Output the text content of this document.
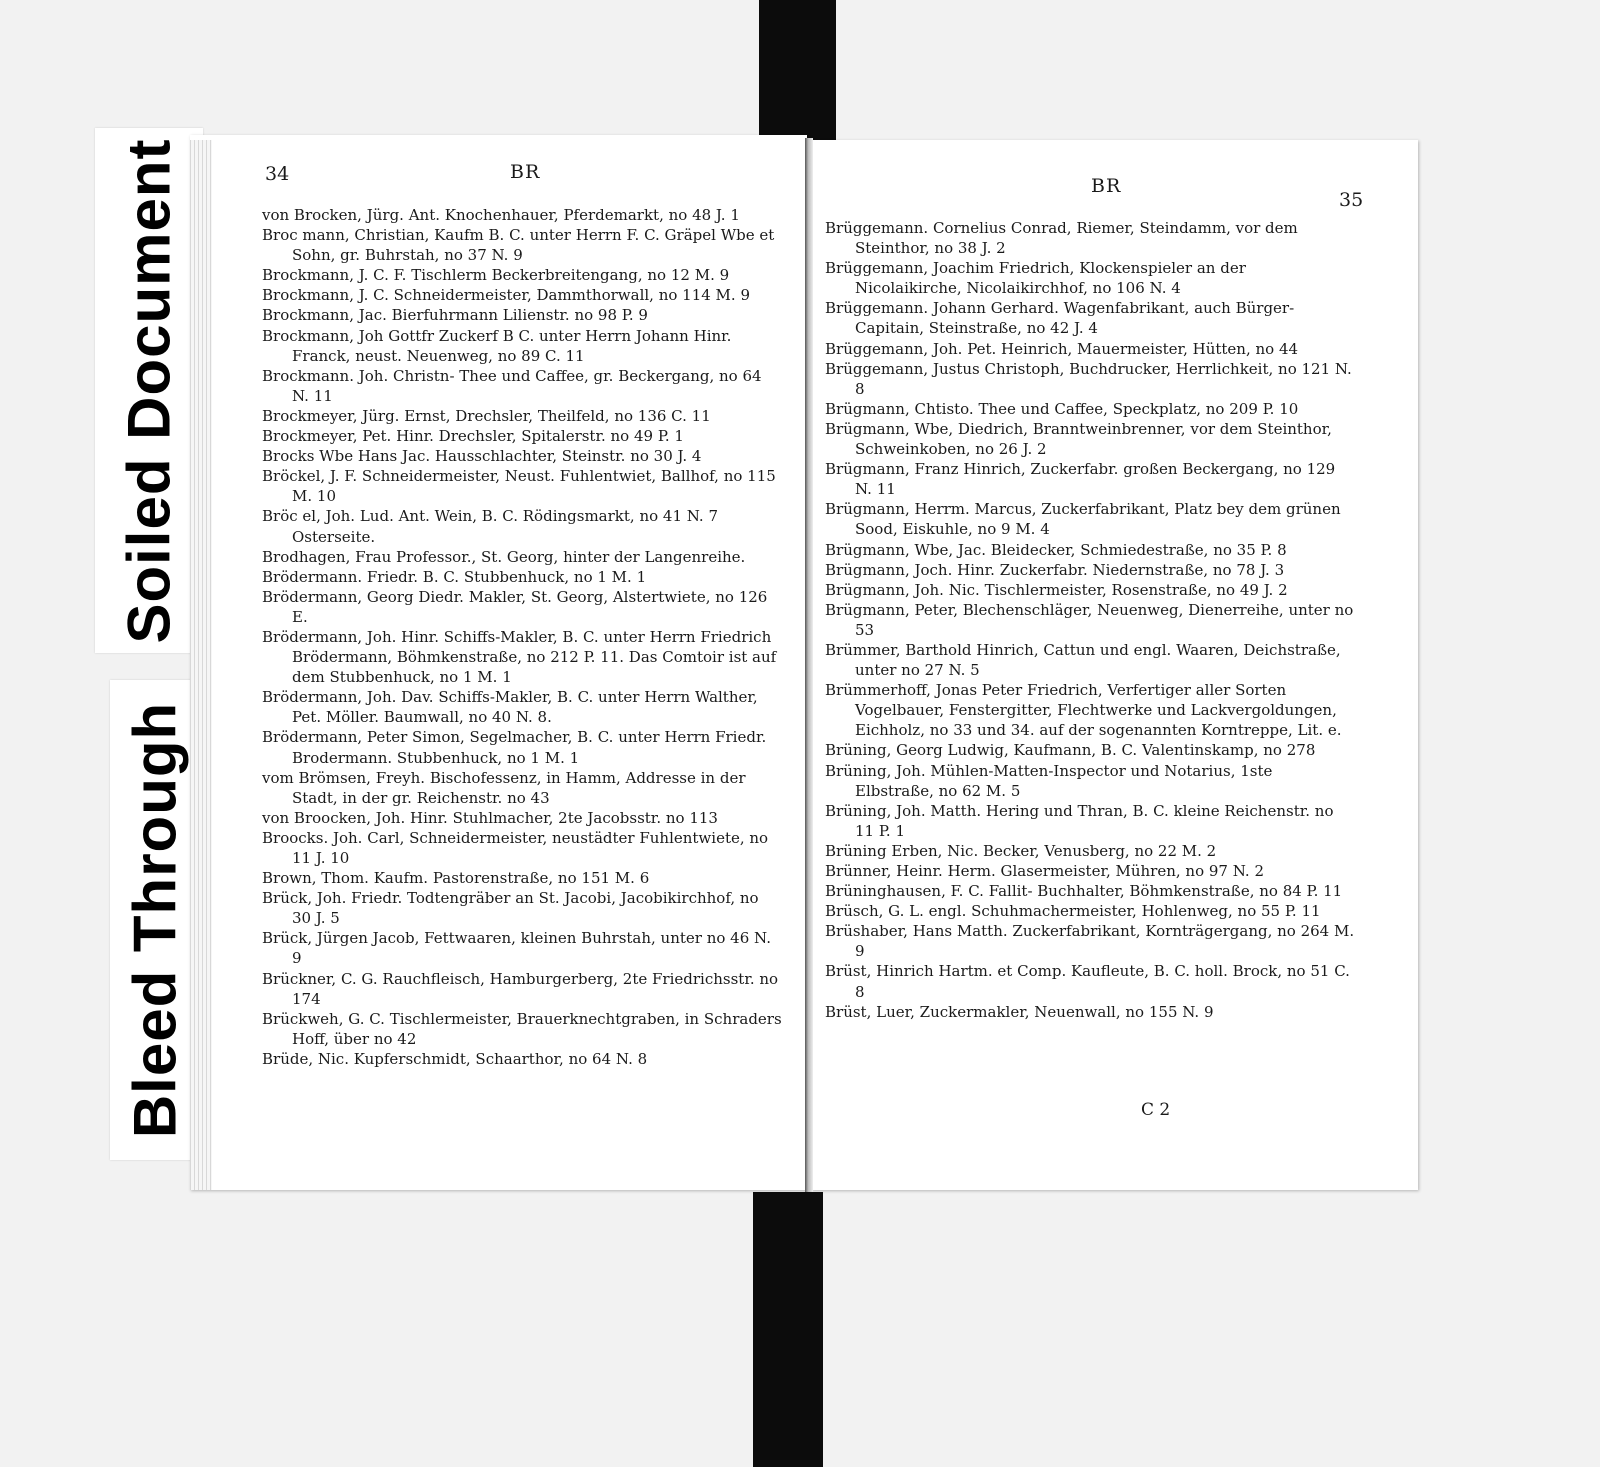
Soiled Document
Bleed Through
34	BR
von Brocken, Jürg. Ant. Knochenhauer, Pferdemarkt, no 48 J. 1
Broc mann, Christian, Kaufm B. C. unter Herrn F. C. Gräpel Wbe et Sohn, gr. Buhrstah, no 37 N. 9
Brockmann, J. C. F. Tischlerm Beckerbreitengang, no 12 M. 9
Brockmann, J. C. Schneidermeister, Dammthorwall, no 114 M. 9
Brockmann, Jac. Bierfuhrmann Lilienstr. no 98 P. 9
Brockmann, Joh Gottfr Zuckerf B C. unter Herrn Johann Hinr. Franck, neust. Neuenweg, no 89 C. 11
Brockmann. Joh. Christn- Thee und Caffee, gr. Beckergang, no 64 N. 11
Brockmeyer, Jürg. Ernst, Drechsler, Theilfeld, no 136 C. 11
Brockmeyer, Pet. Hinr. Drechsler, Spitalerstr. no 49 P. 1
Brocks Wbe Hans Jac. Hausschlachter, Steinstr. no 30 J. 4
Bröckel, J. F. Schneidermeister, Neust. Fuhlentwiet, Ballhof, no 115 M. 10
Bröc el, Joh. Lud. Ant. Wein, B. C. Rödingsmarkt, no 41 N. 7 Osterseite.
Brodhagen, Frau Professor., St. Georg, hinter der Langenreihe.
Brödermann. Friedr. B. C. Stubbenhuck, no 1 M. 1
Brödermann, Georg Diedr. Makler, St. Georg, Alstertwiete, no 126 E.
Brödermann, Joh. Hinr. Schiffs-Makler, B. C. unter Herrn Friedrich Brödermann, Böhmkenstraße, no 212 P. 11. Das Comtoir ist auf dem Stubbenhuck, no 1 M. 1
Brödermann, Joh. Dav. Schiffs-Makler, B. C. unter Herrn Walther, Pet. Möller. Baumwall, no 40 N. 8.
Brödermann, Peter Simon, Segelmacher, B. C. unter Herrn Friedr. Brodermann. Stubbenhuck, no 1 M. 1
vom Brömsen, Freyh. Bischofessenz, in Hamm, Addresse in der Stadt, in der gr. Reichenstr. no 43
von Broocken, Joh. Hinr. Stuhlmacher, 2te Jacobsstr. no 113
Broocks. Joh. Carl, Schneidermeister, neustädter Fuhlentwiete, no 11 J. 10
Brown, Thom. Kaufm. Pastorenstraße, no 151 M. 6
Brück, Joh. Friedr. Todtengräber an St. Jacobi, Jacobikirchhof, no 30 J. 5
Brück, Jürgen Jacob, Fettwaaren, kleinen Buhrstah, unter no 46 N. 9
Brückner, C. G. Rauchfleisch, Hamburgerberg, 2te Friedrichsstr. no 174
Brückweh, G. C. Tischlermeister, Brauerknechtgraben, in Schraders Hoff, über no 42
Brüde, Nic. Kupferschmidt, Schaarthor, no 64 N. 8
BR
35
Brüggemann. Cornelius Conrad, Riemer, Steindamm, vor dem Steinthor, no 38 J. 2
Brüggemann, Joachim Friedrich, Klockenspieler an der Nicolaikirche, Nicolaikirchhof, no 106 N. 4
Brüggemann. Johann Gerhard. Wagenfabrikant, auch Bürger-Capitain, Steinstraße, no 42 J. 4
Brüggemann, Joh. Pet. Heinrich, Mauermeister, Hütten, no 44
Brüggemann, Justus Christoph, Buchdrucker, Herrlichkeit, no 121 N. 8
Brügmann, Chtisto. Thee und Caffee, Speckplatz, no 209 P. 10
Brügmann, Wbe, Diedrich, Branntweinbrenner, vor dem Steinthor, Schweinkoben, no 26 J. 2
Brügmann, Franz Hinrich, Zuckerfabr. großen Beckergang, no 129 N. 11
Brügmann, Herrm. Marcus, Zuckerfabrikant, Platz bey dem grünen Sood, Eiskuhle, no 9 M. 4
Brügmann, Wbe, Jac. Bleidecker, Schmiedestraße, no 35 P. 8
Brügmann, Joch. Hinr. Zuckerfabr. Niedernstraße, no 78 J. 3
Brügmann, Joh. Nic. Tischlermeister, Rosenstraße, no 49 J. 2
Brügmann, Peter, Blechenschläger, Neuenweg, Dienerreihe, unter no 53
Brümmer, Barthold Hinrich, Cattun und engl. Waaren, Deichstraße, unter no 27 N. 5
Brümmerhoff, Jonas Peter Friedrich, Verfertiger aller Sorten Vogelbauer, Fenstergitter, Flechtwerke und Lackvergoldungen, Eichholz, no 33 und 34. auf der sogenannten Korntreppe, Lit. e.
Brüning, Georg Ludwig, Kaufmann, B. C. Valentinskamp, no 278
Brüning, Joh. Mühlen-Matten-Inspector und Notarius, 1ste Elbstraße, no 62 M. 5
Brüning, Joh. Matth. Hering und Thran, B. C. kleine Reichenstr. no 11 P. 1
Brüning Erben, Nic. Becker, Venusberg, no 22 M. 2
Brünner, Heinr. Herm. Glasermeister, Mühren, no 97 N. 2
Brüninghausen, F. C. Fallit- Buchhalter, Böhmkenstraße, no 84 P. 11
Brüsch, G. L. engl. Schuhmachermeister, Hohlenweg, no 55 P. 11
Brüshaber, Hans Matth. Zuckerfabrikant, Kornträgergang, no 264 M. 9
Brüst, Hinrich Hartm. et Comp. Kaufleute, B. C. holl. Brock, no 51 C. 8
Brüst, Luer, Zuckermakler, Neuenwall, no 155 N. 9
C 2
